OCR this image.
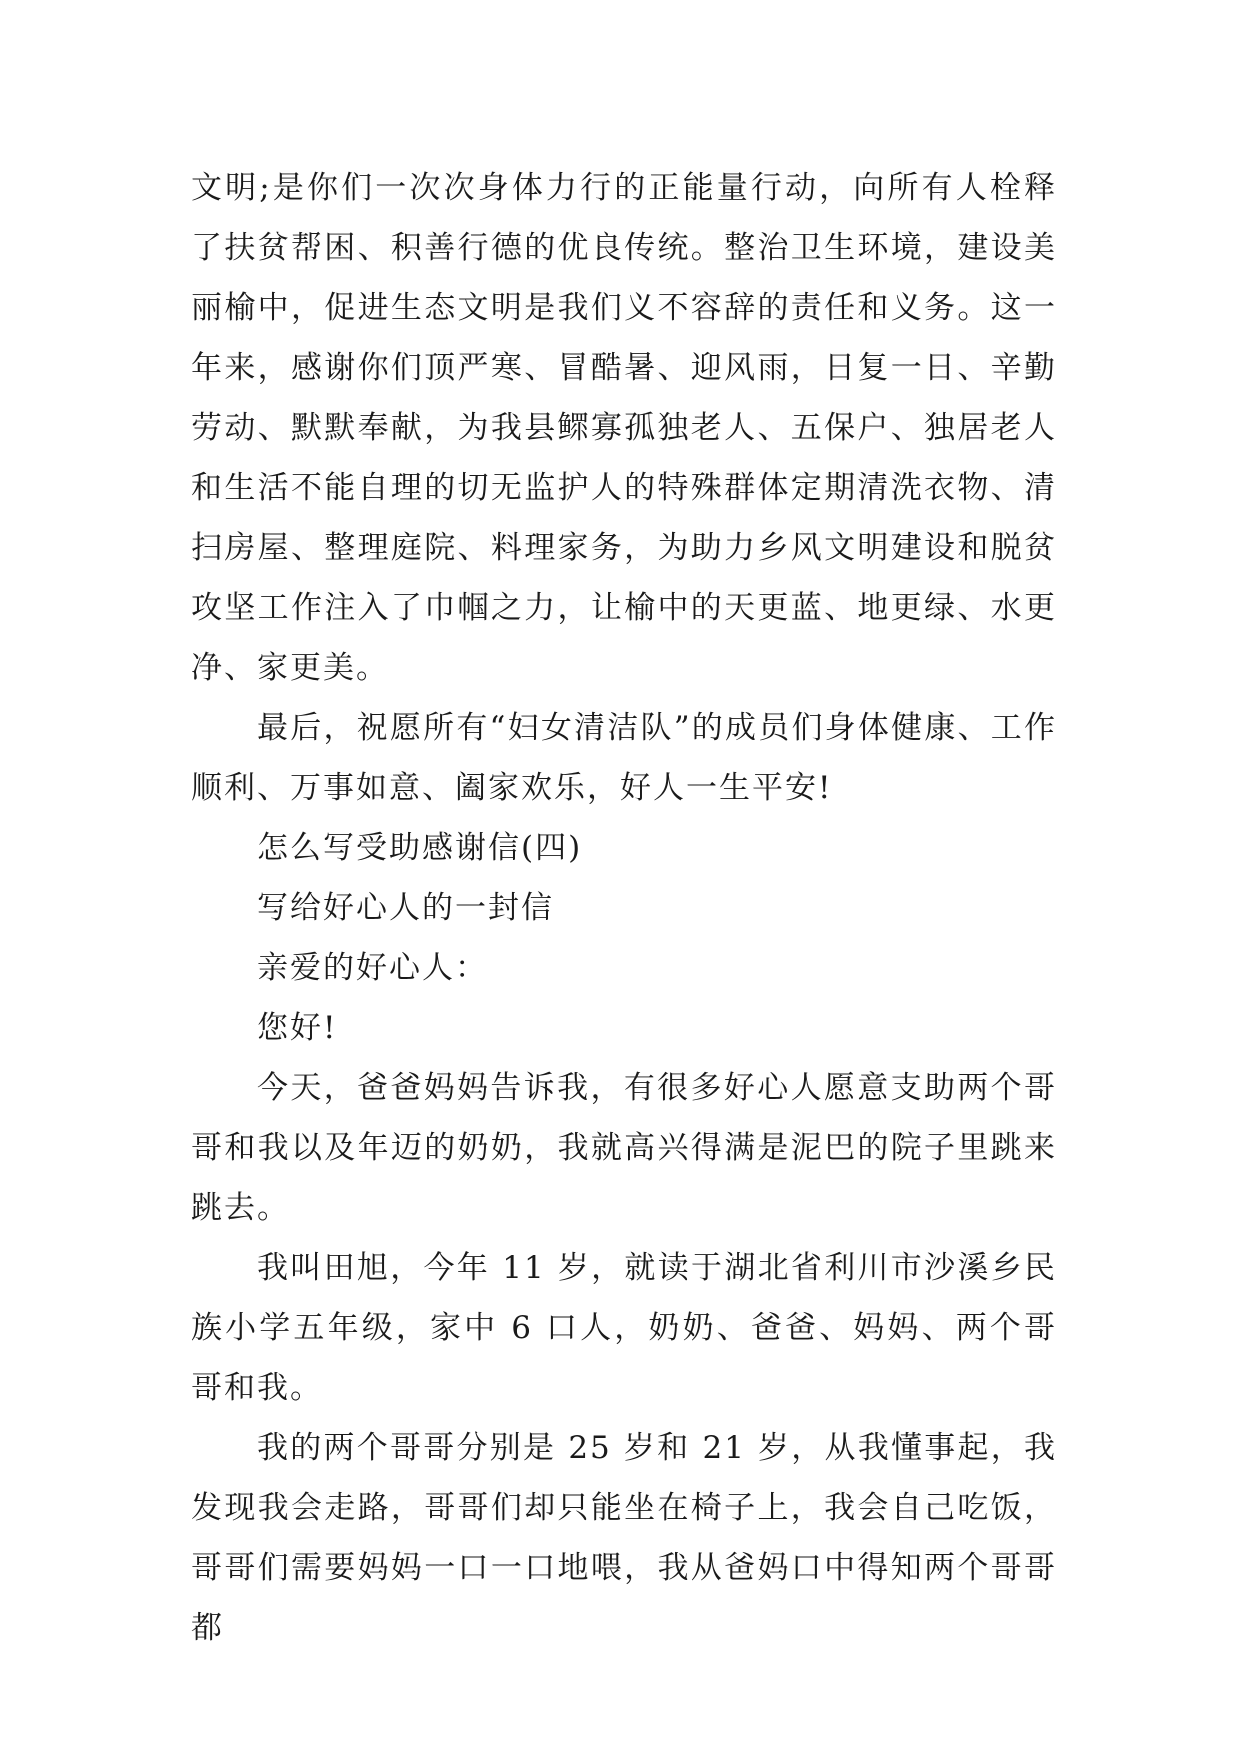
文明;是你们一次次身体力行的正能量行动，向所有人栓释了扶贫帮困、积善行德的优良传统。整治卫生环境，建设美丽榆中，促进生态文明是我们义不容辞的责任和义务。这一年来，感谢你们顶严寒、冒酷暑、迎风雨，日复一日、辛勤劳动、默默奉献，为我县鳏寡孤独老人、五保户、独居老人和生活不能自理的切无监护人的特殊群体定期清洗衣物、清扫房屋、整理庭院、料理家务，为助力乡风文明建设和脱贫攻坚工作注入了巾帼之力，让榆中的天更蓝、地更绿、水更净、家更美。

最后，祝愿所有“妇女清洁队”的成员们身体健康、工作顺利、万事如意、阖家欢乐，好人一生平安!

怎么写受助感谢信(四)

写给好心人的一封信

亲爱的好心人：

您好!

今天，爸爸妈妈告诉我，有很多好心人愿意支助两个哥哥和我以及年迈的奶奶，我就高兴得满是泥巴的院子里跳来跳去。

我叫田旭，今年 11 岁，就读于湖北省利川市沙溪乡民族小学五年级，家中 6 口人，奶奶、爸爸、妈妈、两个哥哥和我。

我的两个哥哥分别是 25 岁和 21 岁，从我懂事起，我发现我会走路，哥哥们却只能坐在椅子上，我会自己吃饭，哥哥们需要妈妈一口一口地喂，我从爸妈口中得知两个哥哥都
